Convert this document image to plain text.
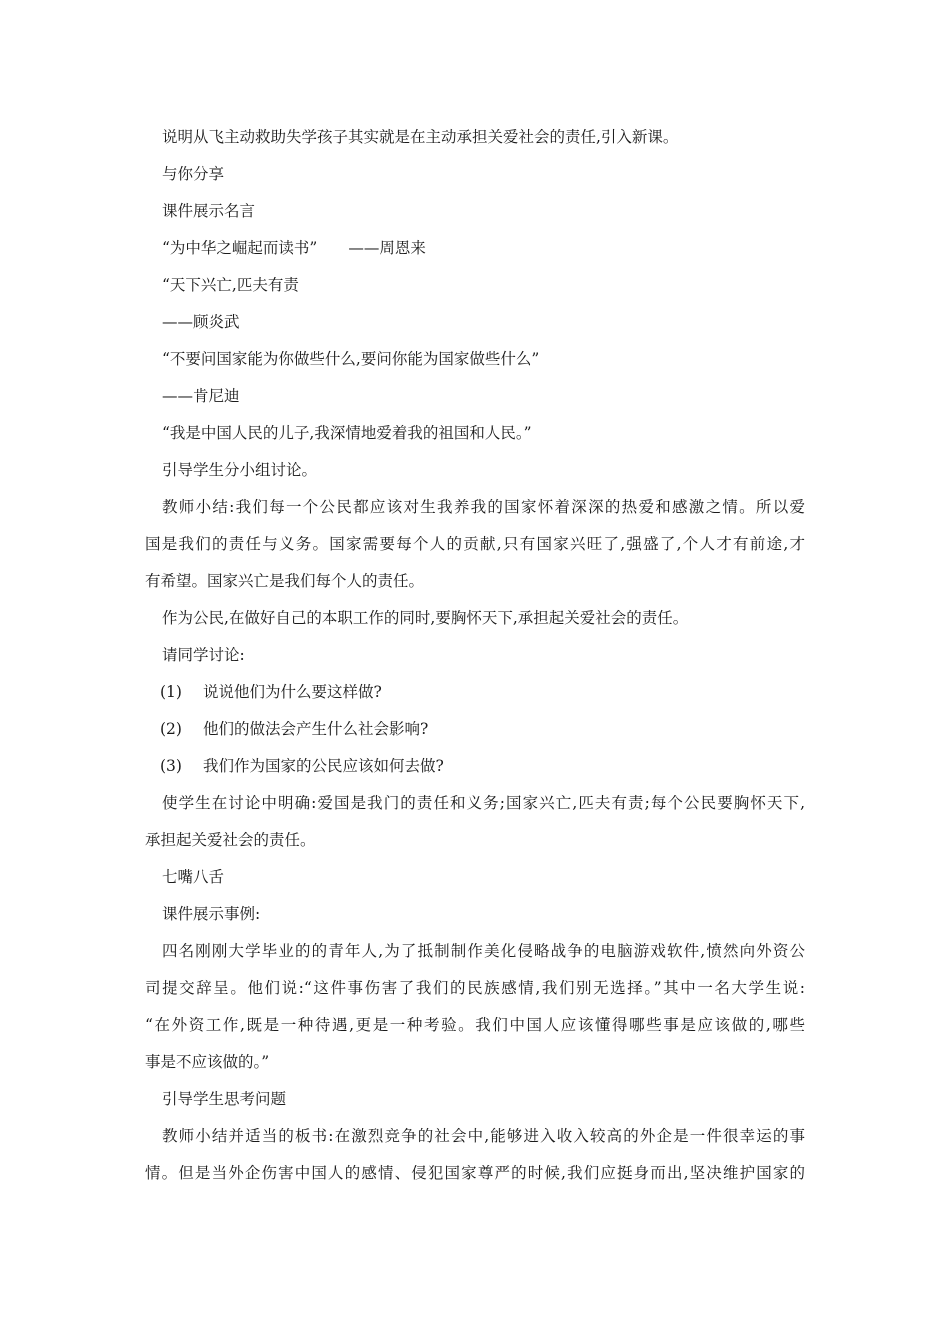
说明从飞主动救助失学孩子其实就是在主动承担关爱社会的责任,引入新课。
与你分享
课件展示名言
“为中华之崛起而读书”　　——周恩来
“天下兴亡,匹夫有责
——顾炎武
“不要问国家能为你做些什么,要问你能为国家做些什么”
——肯尼迪
“我是中国人民的儿子,我深情地爱着我的祖国和人民。”
引导学生分小组讨论。
教师小结:我们每一个公民都应该对生我养我的国家怀着深深的热爱和感激之情。所以爱
国是我们的责任与义务。国家需要每个人的贡献,只有国家兴旺了,强盛了,个人才有前途,才
有希望。国家兴亡是我们每个人的责任。
作为公民,在做好自己的本职工作的同时,要胸怀天下,承担起关爱社会的责任。
请同学讨论:
(1) 说说他们为什么要这样做?
(2) 他们的做法会产生什么社会影响?
(3) 我们作为国家的公民应该如何去做?
使学生在讨论中明确:爱国是我门的责任和义务;国家兴亡,匹夫有责;每个公民要胸怀天下,
承担起关爱社会的责任。
七嘴八舌
课件展示事例:
四名刚刚大学毕业的的青年人,为了抵制制作美化侵略战争的电脑游戏软件,愤然向外资公
司提交辞呈。他们说:“这件事伤害了我们的民族感情,我们别无选择。”其中一名大学生说:
“在外资工作,既是一种待遇,更是一种考验。我们中国人应该懂得哪些事是应该做的,哪些
事是不应该做的。”
引导学生思考问题
教师小结并适当的板书:在激烈竞争的社会中,能够进入收入较高的外企是一件很幸运的事
情。但是当外企伤害中国人的感情、侵犯国家尊严的时候,我们应挺身而出,坚决维护国家的
